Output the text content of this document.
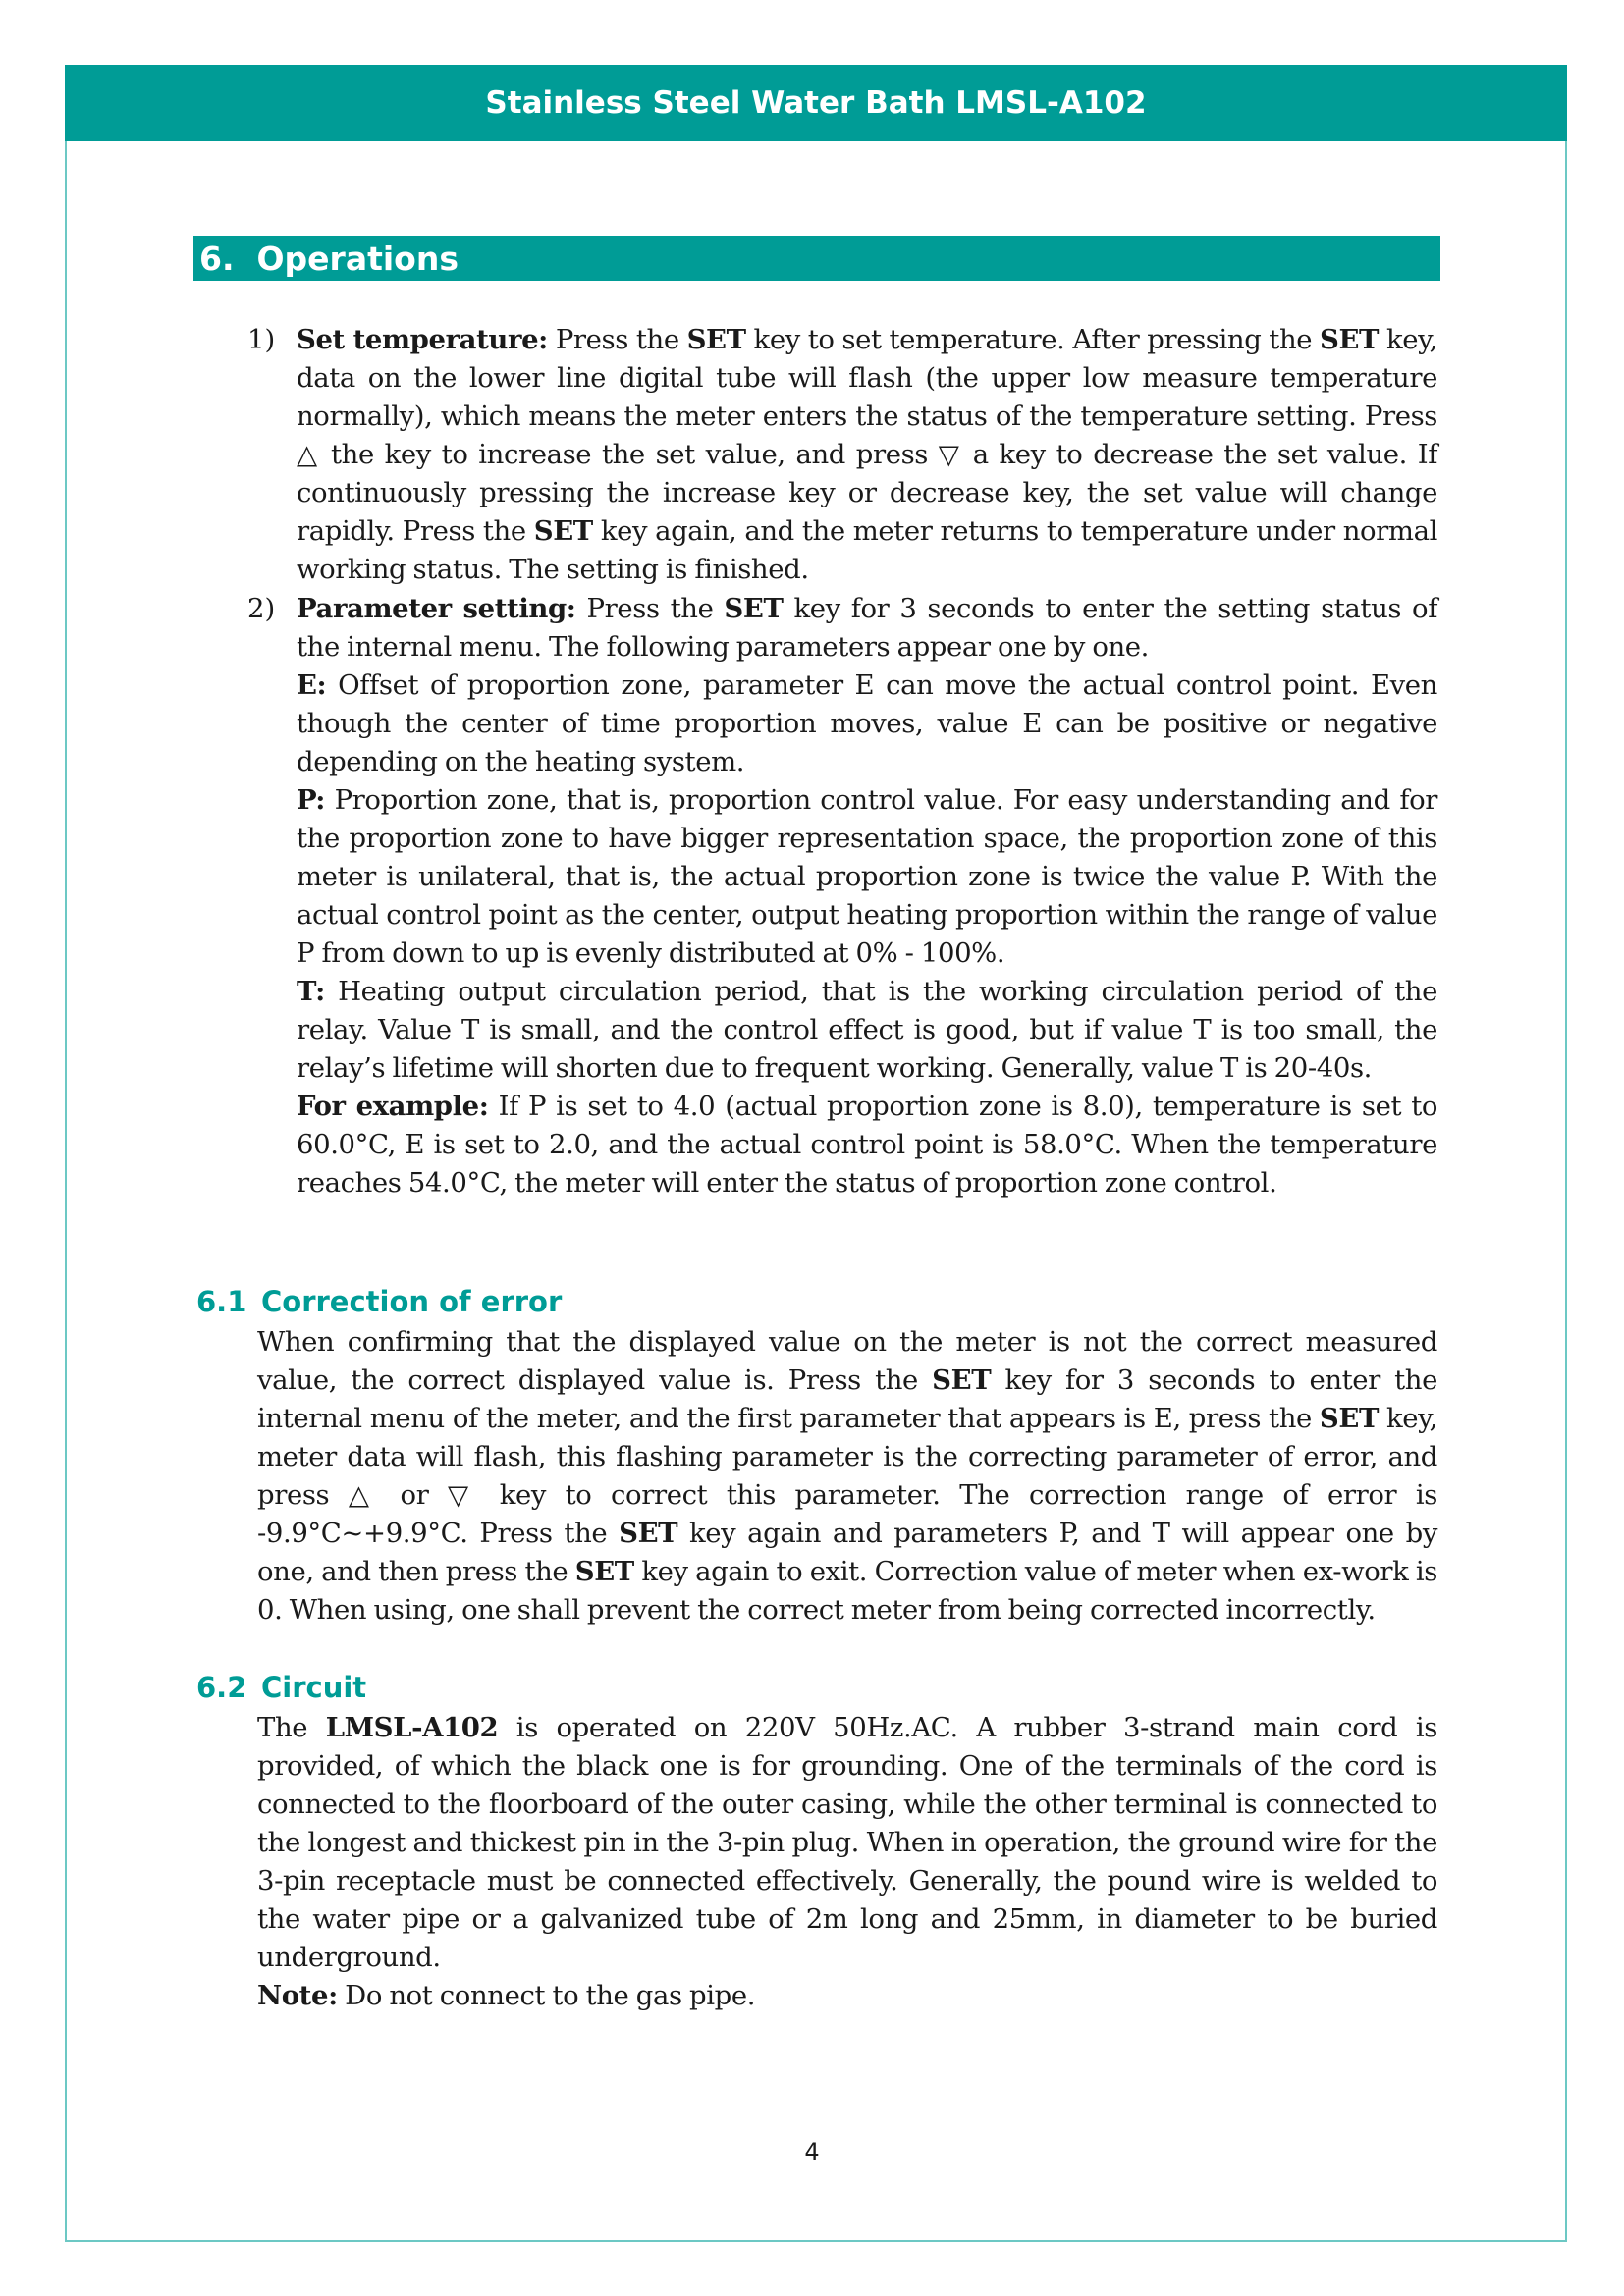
Stainless Steel Water Bath LMSL-A102
6.
Operations
1) Set temperature: Press the SET key to set temperature. After pressing the SET key, data on the lower line digital tube will flash (the upper low measure temperature normally), which means the meter enters the status of the temperature setting. Press △ the key to increase the set value, and press ▽ a key to decrease the set value. If continuously pressing the increase key or decrease key, the set value will change rapidly. Press the SET key again, and the meter returns to temperature under normal working status. The setting is finished.

2) Parameter setting: Press the SET key for 3 seconds to enter the setting status of the internal menu. The following parameters appear one by one.

E: Offset of proportion zone, parameter E can move the actual control point. Even though the center of time proportion moves, value E can be positive or negative depending on the heating system.

P: Proportion zone, that is, proportion control value. For easy understanding and for the proportion zone to have bigger representation space, the proportion zone of this meter is unilateral, that is, the actual proportion zone is twice the value P. With the actual control point as the center, output heating proportion within the range of value P from down to up is evenly distributed at 0% - 100%.

T: Heating output circulation period, that is the working circulation period of the relay. Value T is small, and the control effect is good, but if value T is too small, the relay’s lifetime will shorten due to frequent working. Generally, value T is 20-40s.

For example: If P is set to 4.0 (actual proportion zone is 8.0), temperature is set to 60.0°C, E is set to 2.0, and the actual control point is 58.0°C. When the temperature reaches 54.0°C, the meter will enter the status of proportion zone control.

6.1 Correction of error

When confirming that the displayed value on the meter is not the correct measured value, the correct displayed value is. Press the SET key for 3 seconds to enter the internal menu of the meter, and the first parameter that appears is E, press the SET key, meter data will flash, this flashing parameter is the correcting parameter of error, and press △ or ▽ key to correct this parameter. The correction range of error is -9.9°C~+9.9°C. Press the SET key again and parameters P, and T will appear one by one, and then press the SET key again to exit. Correction value of meter when ex-work is 0. When using, one shall prevent the correct meter from being corrected incorrectly.

6.2 Circuit

The LMSL-A102 is operated on 220V 50Hz.AC. A rubber 3-strand main cord is provided, of which the black one is for grounding. One of the terminals of the cord is connected to the floorboard of the outer casing, while the other terminal is connected to the longest and thickest pin in the 3-pin plug. When in operation, the ground wire for the 3-pin receptacle must be connected effectively. Generally, the pound wire is welded to the water pipe or a galvanized tube of 2m long and 25mm, in diameter to be buried underground.

Note: Do not connect to the gas pipe.

4
